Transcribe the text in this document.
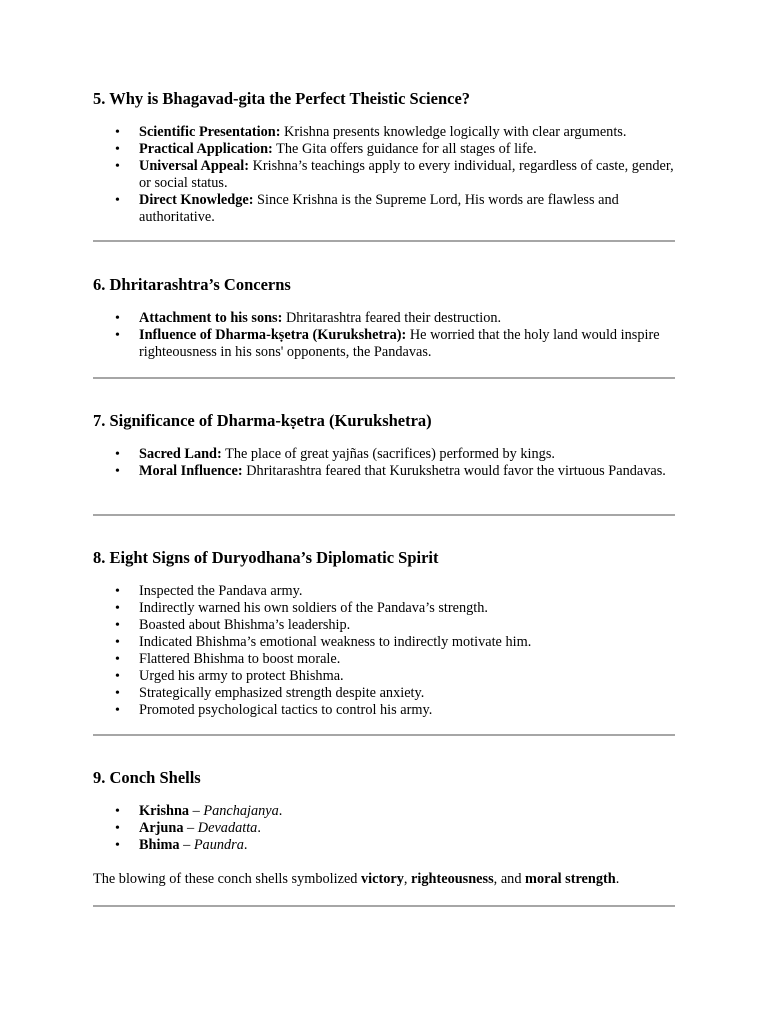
5. Why is Bhagavad-gita the Perfect Theistic Science?
• Scientific Presentation: Krishna presents knowledge logically with clear arguments.
• Practical Application: The Gita offers guidance for all stages of life.
• Universal Appeal: Krishna’s teachings apply to every individual, regardless of caste, gender, or social status.
• Direct Knowledge: Since Krishna is the Supreme Lord, His words are flawless and authoritative.
6. Dhritarashtra’s Concerns
• Attachment to his sons: Dhritarashtra feared their destruction.
• Influence of Dharma-kṣetra (Kurukshetra): He worried that the holy land would inspire righteousness in his sons' opponents, the Pandavas.
7. Significance of Dharma-kṣetra (Kurukshetra)
• Sacred Land: The place of great yajñas (sacrifices) performed by kings.
• Moral Influence: Dhritarashtra feared that Kurukshetra would favor the virtuous Pandavas.
8. Eight Signs of Duryodhana’s Diplomatic Spirit
• Inspected the Pandava army.
• Indirectly warned his own soldiers of the Pandava’s strength.
• Boasted about Bhishma’s leadership.
• Indicated Bhishma’s emotional weakness to indirectly motivate him.
• Flattered Bhishma to boost morale.
• Urged his army to protect Bhishma.
• Strategically emphasized strength despite anxiety.
• Promoted psychological tactics to control his army.
9. Conch Shells
• Krishna – Panchajanya.
• Arjuna – Devadatta.
• Bhima – Paundra.

The blowing of these conch shells symbolized victory, righteousness, and moral strength.
